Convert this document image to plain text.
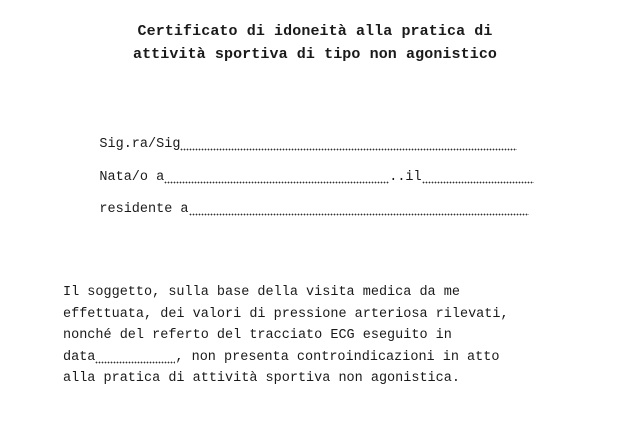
Certificato di idoneità alla pratica di
attività sportiva di tipo non agonistico

Sig.ra/Sig

Nata/o a	..il

residente a

Il soggetto, sulla base della visita medica da me
effettuata, dei valori di pressione arteriosa rilevati,
nonché del referto del tracciato ECG eseguito in
data	, non presenta controindicazioni in atto
alla pratica di attività sportiva non agonistica.
